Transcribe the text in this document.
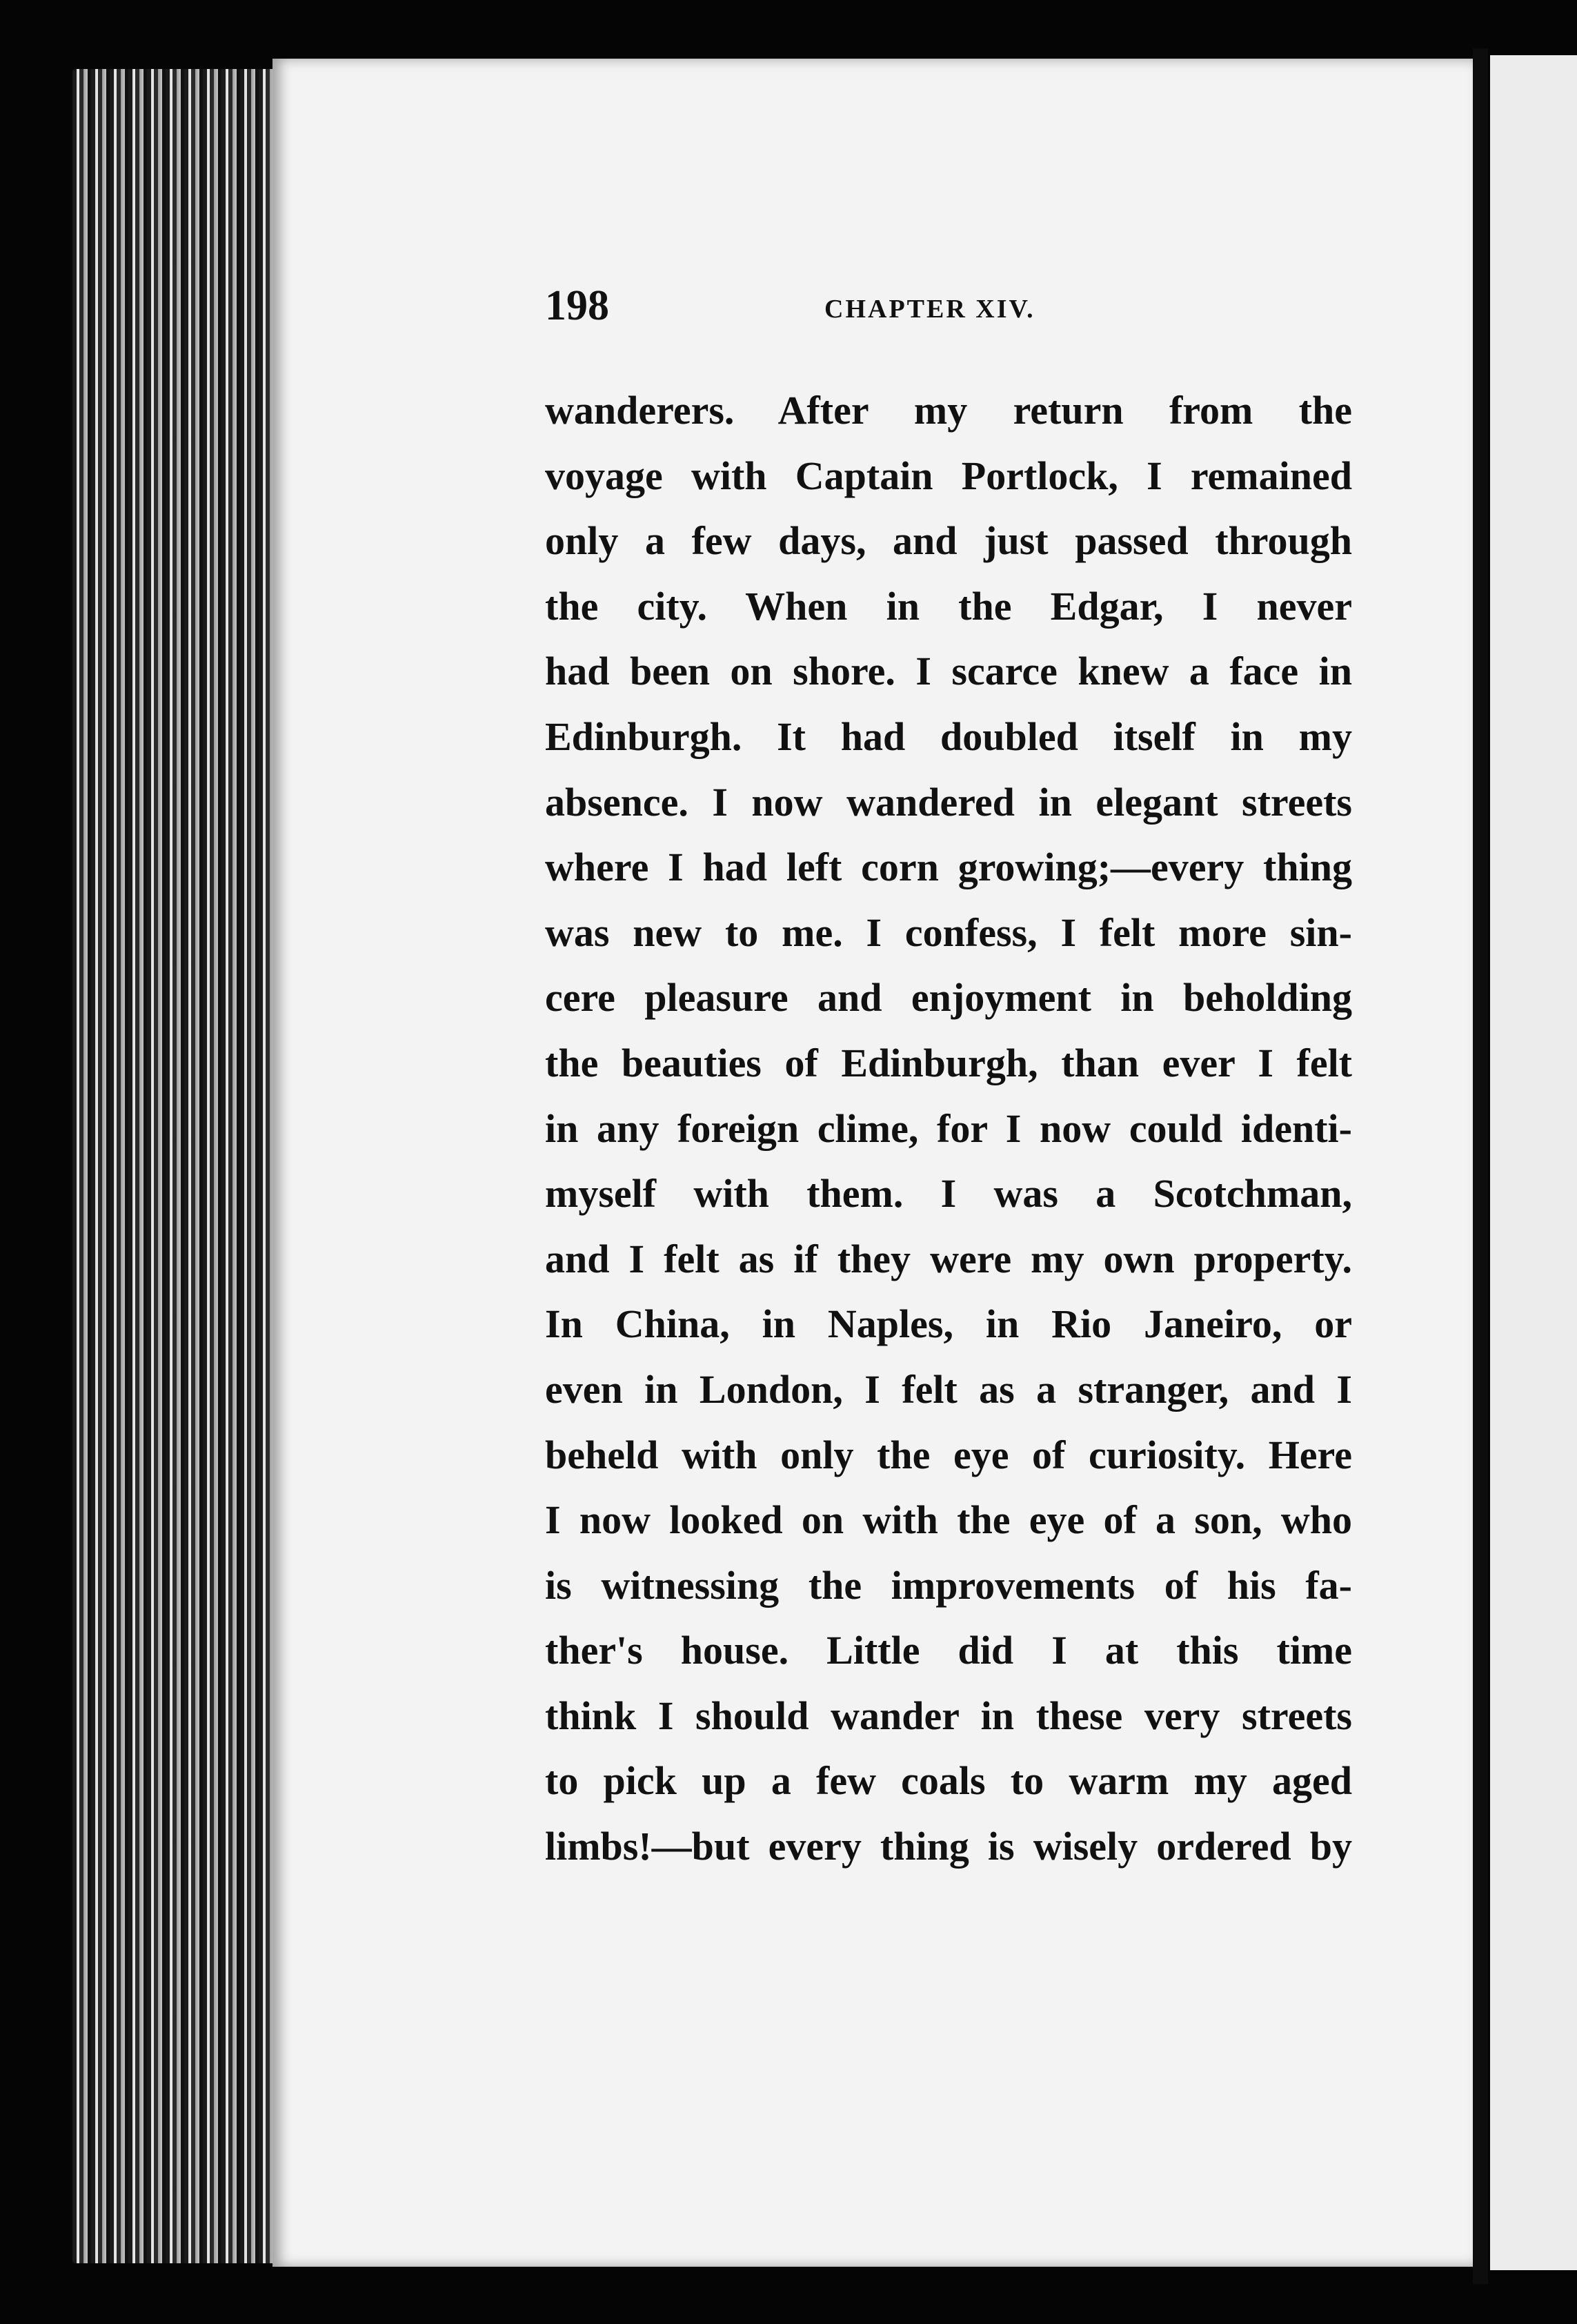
198	CHAPTER XIV.
wanderers. After my return from the
voyage with Captain Portlock, I remained
only a few days, and just passed through
the city. When in the Edgar, I never
had been on shore. I scarce knew a face in
Edinburgh. It had doubled itself in my
absence. I now wandered in elegant streets
where I had left corn growing;—every thing
was new to me. I confess, I felt more sin-
cere pleasure and enjoyment in beholding
the beauties of Edinburgh, than ever I felt
in any foreign clime, for I now could identi-
myself with them. I was a Scotchman,
and I felt as if they were my own property.
In China, in Naples, in Rio Janeiro, or
even in London, I felt as a stranger, and I
beheld with only the eye of curiosity. Here
I now looked on with the eye of a son, who
is witnessing the improvements of his fa-
ther's house. Little did I at this time
think I should wander in these very streets
to pick up a few coals to warm my aged
limbs!—but every thing is wisely ordered by
